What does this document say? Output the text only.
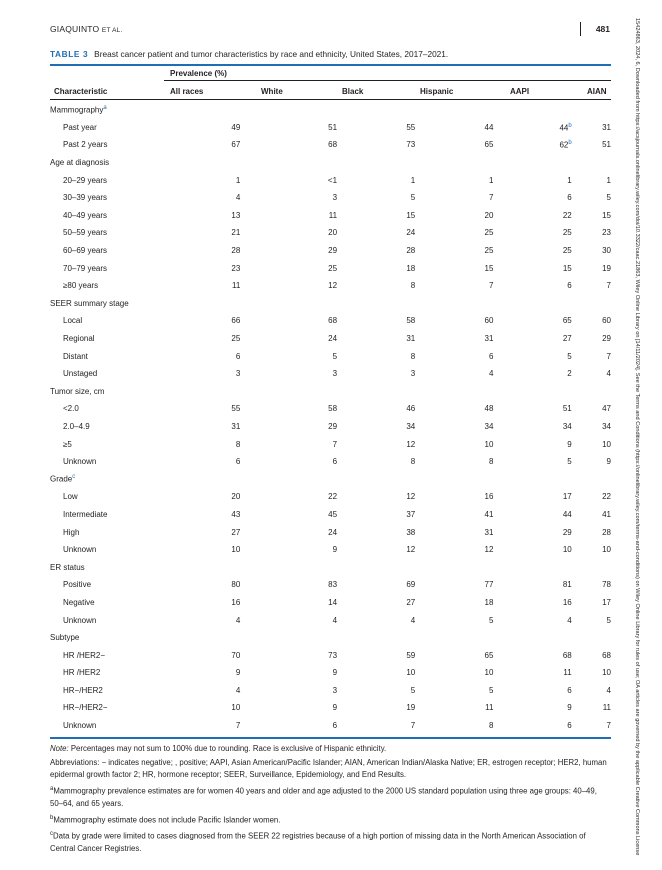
GIAQUINTO ET AL.	481
TABLE 3 Breast cancer patient and tumor characteristics by race and ethnicity, United States, 2017–2021.
Prevalence (%)
Characteristic	All races	White	Black	Hispanic	AAPI	AIAN
Mammography$^a$						
Past year	49	51	55	44	44$^b$	31
Past 2 years	67	68	73	65	62$^b$	51
Age at diagnosis						
20–29 years	1	<1	1	1	1	1
30–39 years	4	3	5	7	6	5
40–49 years	13	11	15	20	22	15
50–59 years	21	20	24	25	25	23
60–69 years	28	29	28	25	25	30
70–79 years	23	25	18	15	15	19
≥80 years	11	12	8	7	6	7
SEER summary stage						
Local	66	68	58	60	65	60
Regional	25	24	31	31	27	29
Distant	6	5	8	6	5	7
Unstaged	3	3	3	4	2	4
Tumor size, cm						
<2.0	55	58	46	48	51	47
2.0–4.9	31	29	34	34	34	34
≥5	8	7	12	10	9	10
Unknown	6	6	8	8	5	9
Grade$^c$						
Low	20	22	12	16	17	22
Intermediate	43	45	37	41	44	41
High	27	24	38	31	29	28
Unknown	10	9	12	12	10	10
ER status						
Positive	80	83	69	77	81	78
Negative	16	14	27	18	16	17
Unknown	4	4	4	5	4	5
Subtype						
HR /HER2−	70	73	59	65	68	68
HR /HER2	9	9	10	10	11	10
HR−/HER2	4	3	5	5	6	4
HR−/HER2−	10	9	19	11	9	11
Unknown	7	6	7	8	6	7

Note: Percentages may not sum to 100% due to rounding. Race is exclusive of Hispanic ethnicity.

Abbreviations: − indicates negative; , positive; AAPI, Asian American/Pacific Islander; AIAN, American Indian/Alaska Native; ER, estrogen receptor; HER2, human epidermal growth factor 2; HR, hormone receptor; SEER, Surveillance, Epidemiology, and End Results.

$^a$Mammography prevalence estimates are for women 40 years and older and age adjusted to the 2000 US standard population using three age groups: 40–49, 50–64, and 65 years.

$^b$Mammography estimate does not include Pacific Islander women.

$^c$Data by grade were limited to cases diagnosed from the SEER 22 registries because of a high portion of missing data in the North American Association of Central Cancer Registries.	15424863, 2024, 6, Downloaded from https://acsjournals.onlinelibrary.wiley.com/doi/10.3322/caac.21863, Wiley Online Library on [14/11/2024]. See the Terms and Conditions (https://onlinelibrary.wiley.com/terms-and-conditions) on Wiley Online Library for rules of use; OA articles are governed by the applicable Creative Commons License
